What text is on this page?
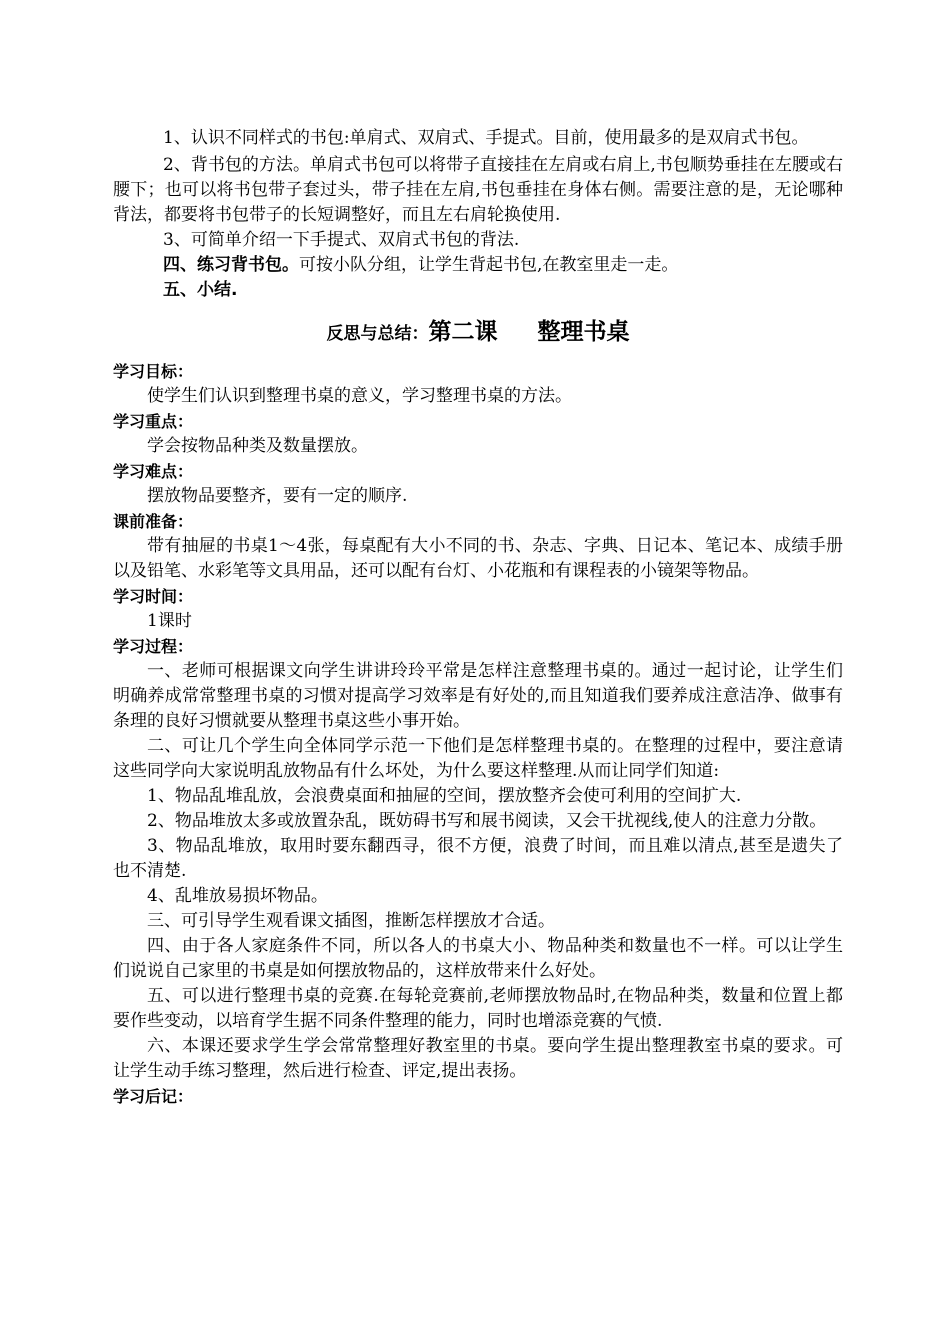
1、认识不同样式的书包:单肩式、双肩式、手提式。目前，使用最多的是双肩式书包。

2、背书包的方法。单肩式书包可以将带子直接挂在左肩或右肩上,书包顺势垂挂在左腰或右腰下；也可以将书包带子套过头，带子挂在左肩,书包垂挂在身体右侧。需要注意的是，无论哪种背法，都要将书包带子的长短调整好，而且左右肩轮换使用.

3、可简单介绍一下手提式、双肩式书包的背法.

四、练习背书包。可按小队分组，让学生背起书包,在教室里走一走。

五、小结.

反思与总结：第二课 整理书桌

学习目标：

使学生们认识到整理书桌的意义，学习整理书桌的方法。

学习重点：

学会按物品种类及数量摆放。

学习难点：

摆放物品要整齐，要有一定的顺序.

课前准备：

带有抽屉的书桌1～4张，每桌配有大小不同的书、杂志、字典、日记本、笔记本、成绩手册以及铅笔、水彩笔等文具用品，还可以配有台灯、小花瓶和有课程表的小镜架等物品。

学习时间：

1课时

学习过程：

一、老师可根据课文向学生讲讲玲玲平常是怎样注意整理书桌的。通过一起讨论，让学生们明确养成常常整理书桌的习惯对提高学习效率是有好处的,而且知道我们要养成注意洁净、做事有条理的良好习惯就要从整理书桌这些小事开始。

二、可让几个学生向全体同学示范一下他们是怎样整理书桌的。在整理的过程中，要注意请这些同学向大家说明乱放物品有什么坏处，为什么要这样整理.从而让同学们知道:

1、物品乱堆乱放，会浪费桌面和抽屉的空间，摆放整齐会使可利用的空间扩大.

2、物品堆放太多或放置杂乱，既妨碍书写和展书阅读，又会干扰视线,使人的注意力分散。

3、物品乱堆放，取用时要东翻西寻，很不方便，浪费了时间，而且难以清点,甚至是遗失了也不清楚.

4、乱堆放易损坏物品。

三、可引导学生观看课文插图，推断怎样摆放才合适。

四、由于各人家庭条件不同，所以各人的书桌大小、物品种类和数量也不一样。可以让学生们说说自己家里的书桌是如何摆放物品的，这样放带来什么好处。

五、可以进行整理书桌的竞赛.在每轮竞赛前,老师摆放物品时,在物品种类，数量和位置上都要作些变动，以培育学生据不同条件整理的能力，同时也增添竞赛的气愤.

六、本课还要求学生学会常常整理好教室里的书桌。要向学生提出整理教室书桌的要求。可让学生动手练习整理，然后进行检查、评定,提出表扬。

学习后记：
